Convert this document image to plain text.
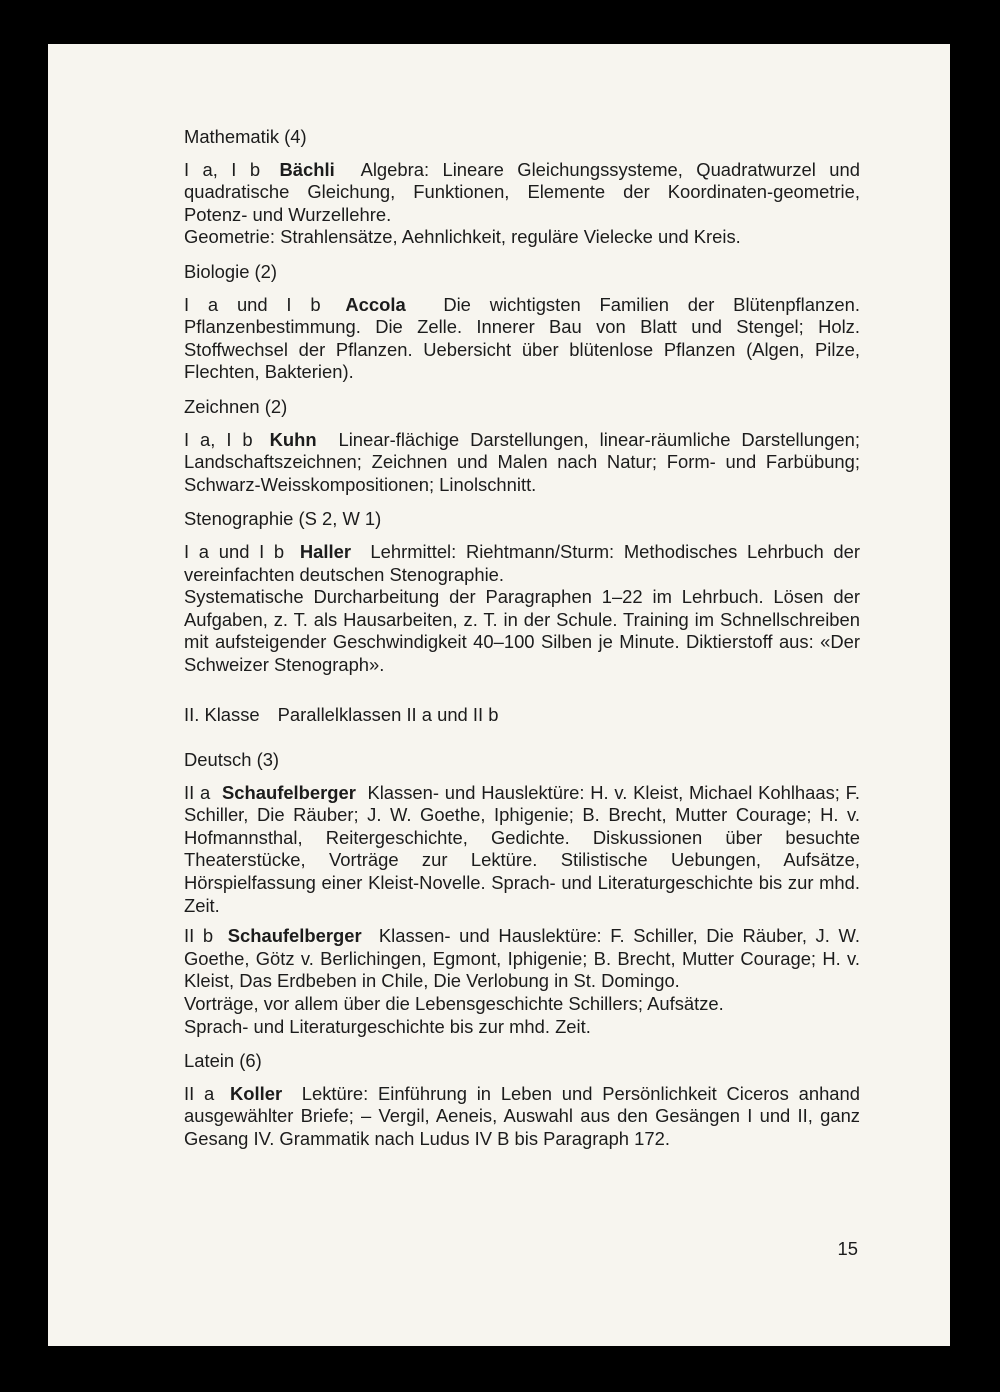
Mathematik (4)

I a, I b Bächli Algebra: Lineare Gleichungssysteme, Quadratwurzel und quadratische Gleichung, Funktionen, Elemente der Koordinaten-geometrie, Potenz- und Wurzellehre.

Geometrie: Strahlensätze, Aehnlichkeit, reguläre Vielecke und Kreis.

Biologie (2)

I a und I b Accola Die wichtigsten Familien der Blütenpflanzen. Pflanzenbestimmung. Die Zelle. Innerer Bau von Blatt und Stengel; Holz. Stoffwechsel der Pflanzen. Uebersicht über blütenlose Pflanzen (Algen, Pilze, Flechten, Bakterien).

Zeichnen (2)

I a, I b Kuhn Linear-flächige Darstellungen, linear-räumliche Darstellungen; Landschaftszeichnen; Zeichnen und Malen nach Natur; Form- und Farbübung; Schwarz-Weisskompositionen; Linolschnitt.

Stenographie (S 2, W 1)

I a und I b Haller Lehrmittel: Riehtmann/Sturm: Methodisches Lehrbuch der vereinfachten deutschen Stenographie.

Systematische Durcharbeitung der Paragraphen 1–22 im Lehrbuch. Lösen der Aufgaben, z. T. als Hausarbeiten, z. T. in der Schule. Training im Schnellschreiben mit aufsteigender Geschwindigkeit 40–100 Silben je Minute. Diktierstoff aus: «Der Schweizer Stenograph».

II. Klasse Parallelklassen II a und II b
Deutsch (3)

II a Schaufelberger Klassen- und Hauslektüre: H. v. Kleist, Michael Kohlhaas; F. Schiller, Die Räuber; J. W. Goethe, Iphigenie; B. Brecht, Mutter Courage; H. v. Hofmannsthal, Reitergeschichte, Gedichte. Diskussionen über besuchte Theaterstücke, Vorträge zur Lektüre. Stilistische Uebungen, Aufsätze, Hörspielfassung einer Kleist-Novelle. Sprach- und Literaturgeschichte bis zur mhd. Zeit.

II b Schaufelberger Klassen- und Hauslektüre: F. Schiller, Die Räuber, J. W. Goethe, Götz v. Berlichingen, Egmont, Iphigenie; B. Brecht, Mutter Courage; H. v. Kleist, Das Erdbeben in Chile, Die Verlobung in St. Domingo.

Vorträge, vor allem über die Lebensgeschichte Schillers; Aufsätze.

Sprach- und Literaturgeschichte bis zur mhd. Zeit.

Latein (6)

II a Koller Lektüre: Einführung in Leben und Persönlichkeit Ciceros anhand ausgewählter Briefe; – Vergil, Aeneis, Auswahl aus den Gesängen I und II, ganz Gesang IV. Grammatik nach Ludus IV B bis Paragraph 172.

15
